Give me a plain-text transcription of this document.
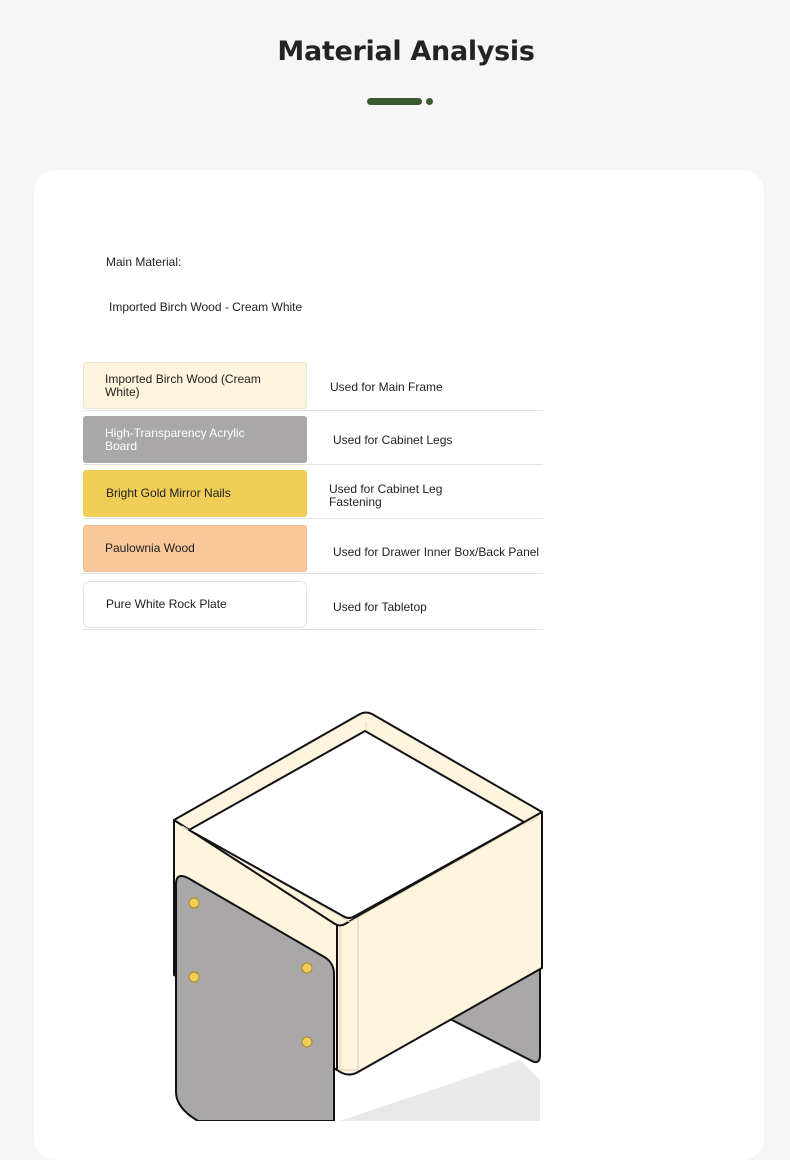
Material Analysis
Main Material:
Imported Birch Wood - Cream White
Imported Birch Wood (Cream White)	Used for Main Frame
High-Transparency Acrylic Board	Used for Cabinet Legs
Bright Gold Mirror Nails	Used for Cabinet Leg Fastening
Paulownia Wood	Used for Drawer Inner Box/Back Panel
Pure White Rock Plate	Used for Tabletop
